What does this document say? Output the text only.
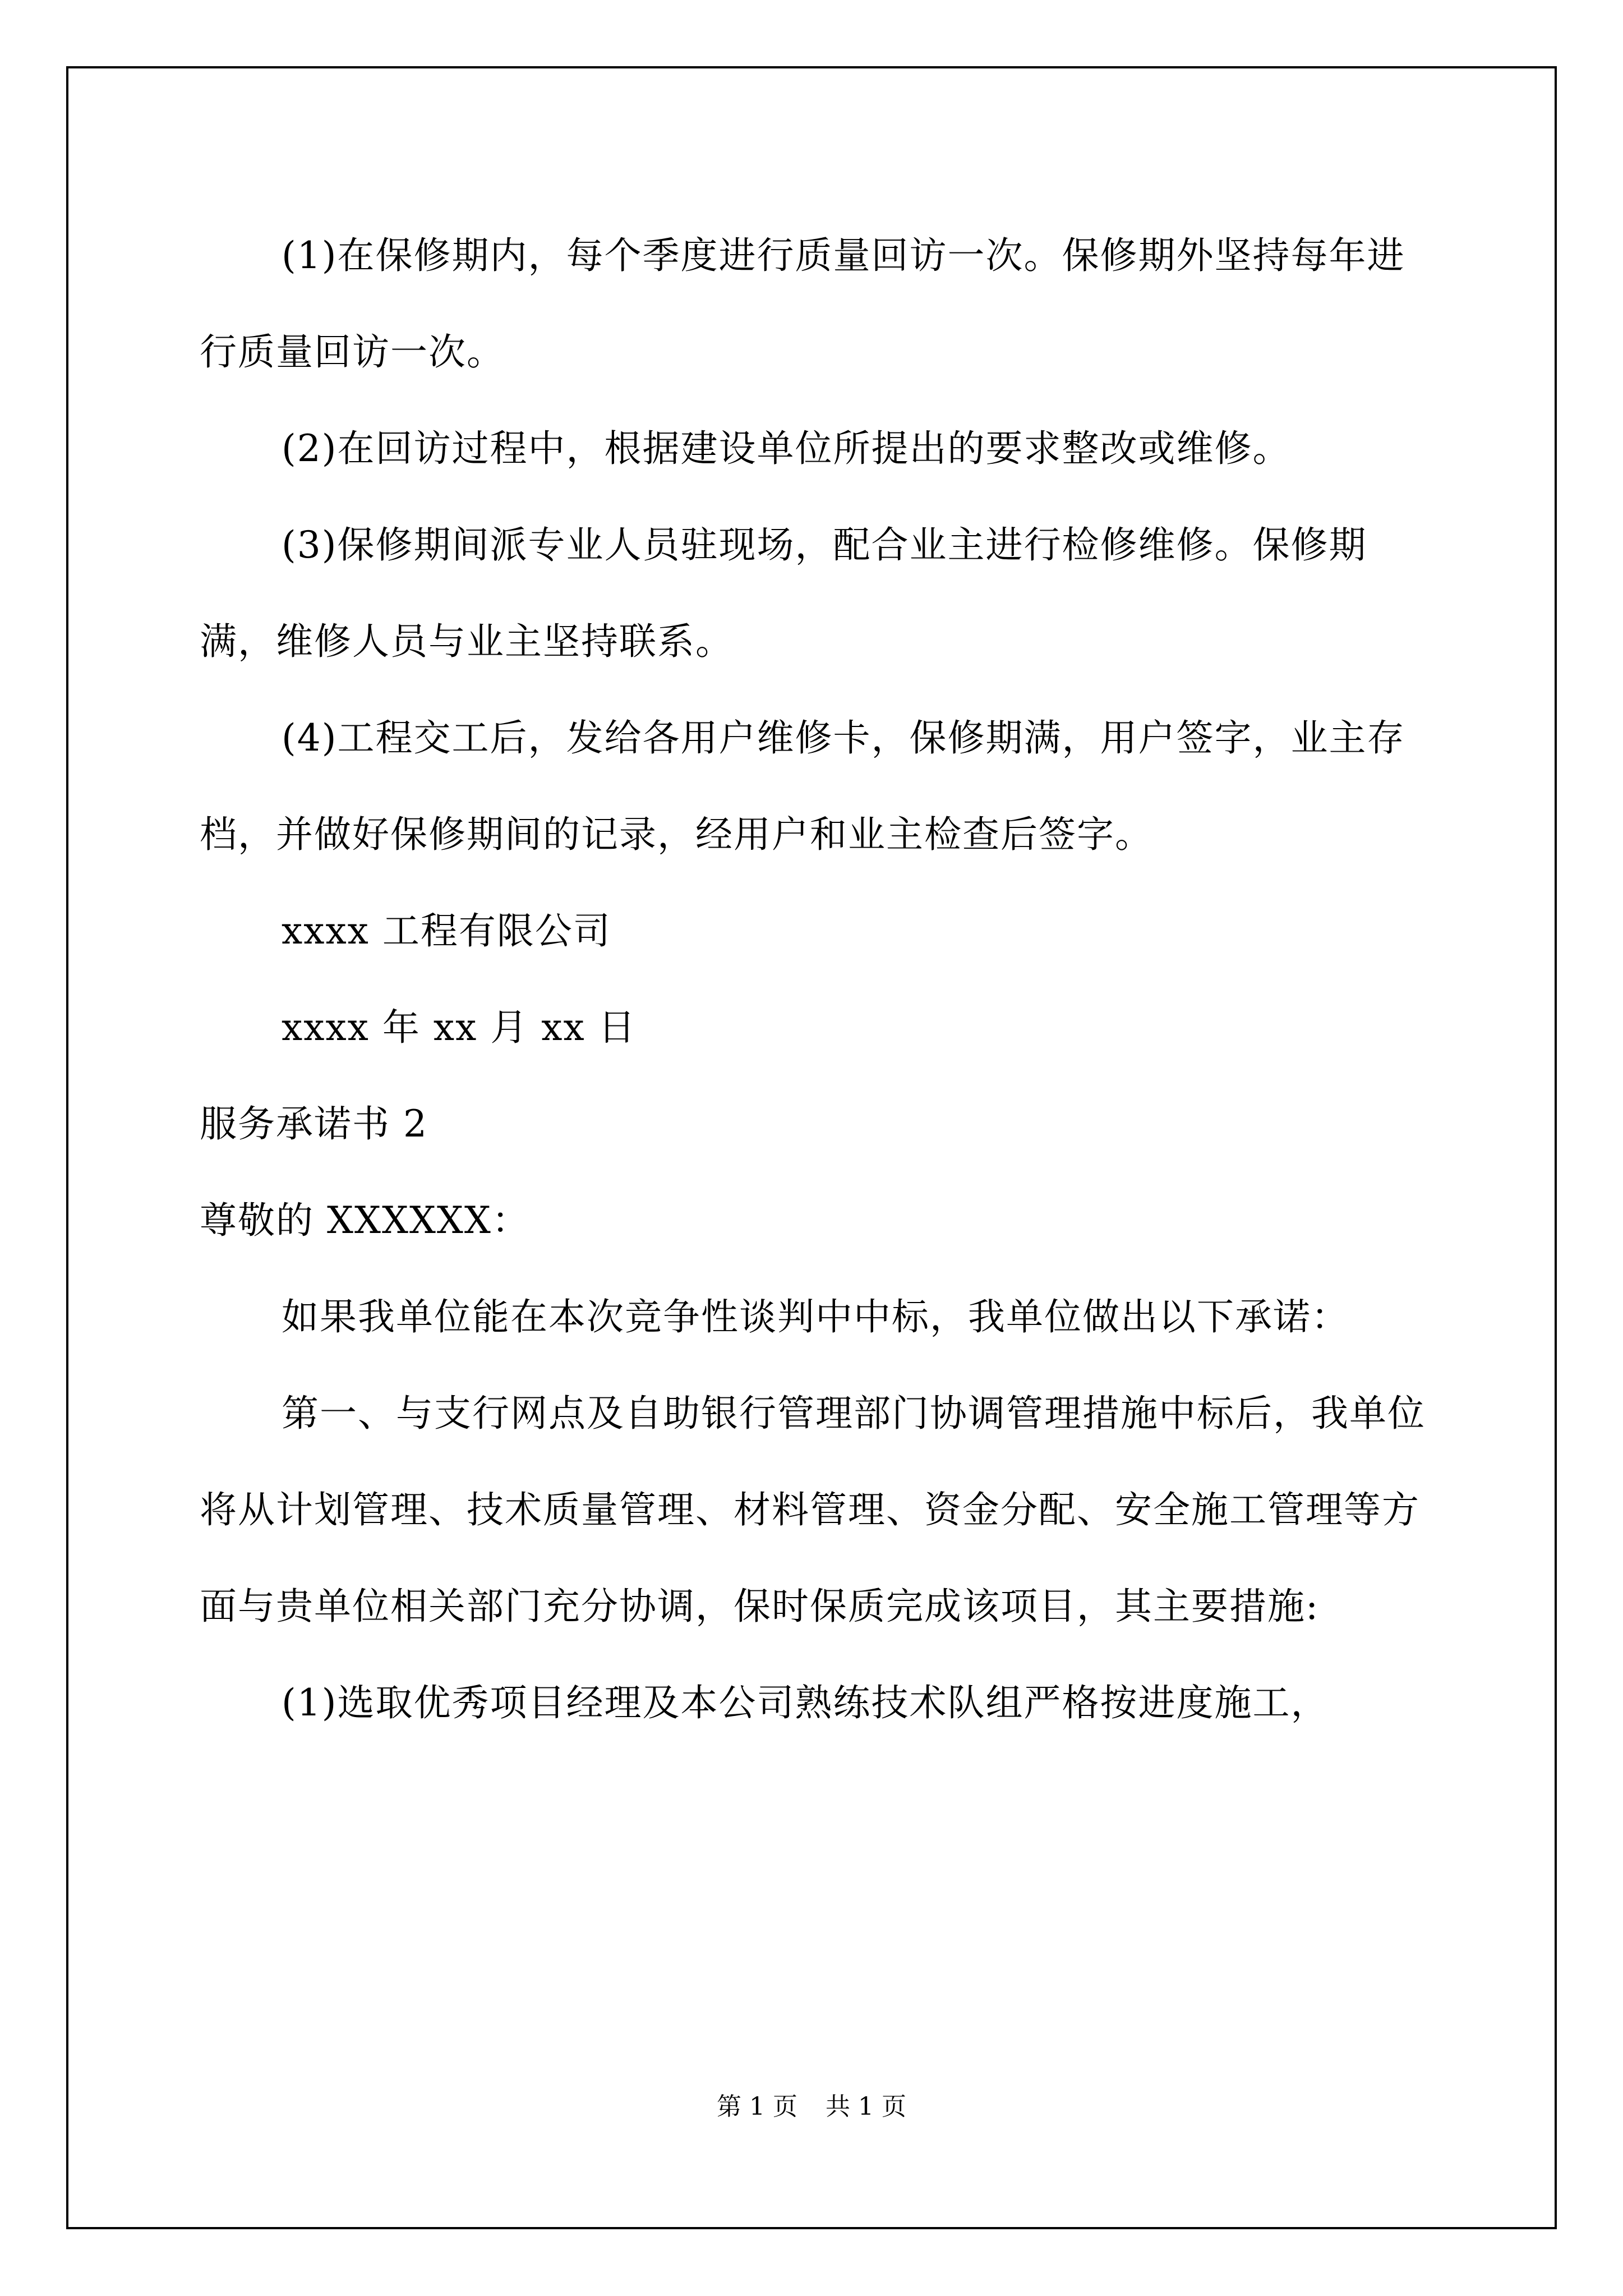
(1)在保修期内，每个季度进行质量回访一次。保修期外坚持每年进行质量回访一次。

(2)在回访过程中，根据建设单位所提出的要求整改或维修。

(3)保修期间派专业人员驻现场，配合业主进行检修维修。保修期满，维修人员与业主坚持联系。

(4)工程交工后，发给各用户维修卡，保修期满，用户签字，业主存档，并做好保修期间的记录，经用户和业主检查后签字。

xxxx 工程有限公司

xxxx 年 xx 月 xx 日

服务承诺书 2

尊敬的 XXXXXX：

如果我单位能在本次竞争性谈判中中标，我单位做出以下承诺：

第一、与支行网点及自助银行管理部门协调管理措施中标后，我单位将从计划管理、技术质量管理、材料管理、资金分配、安全施工管理等方面与贵单位相关部门充分协调，保时保质完成该项目，其主要措施:

(1)选取优秀项目经理及本公司熟练技术队组严格按进度施工，

第 1 页 共 1 页
